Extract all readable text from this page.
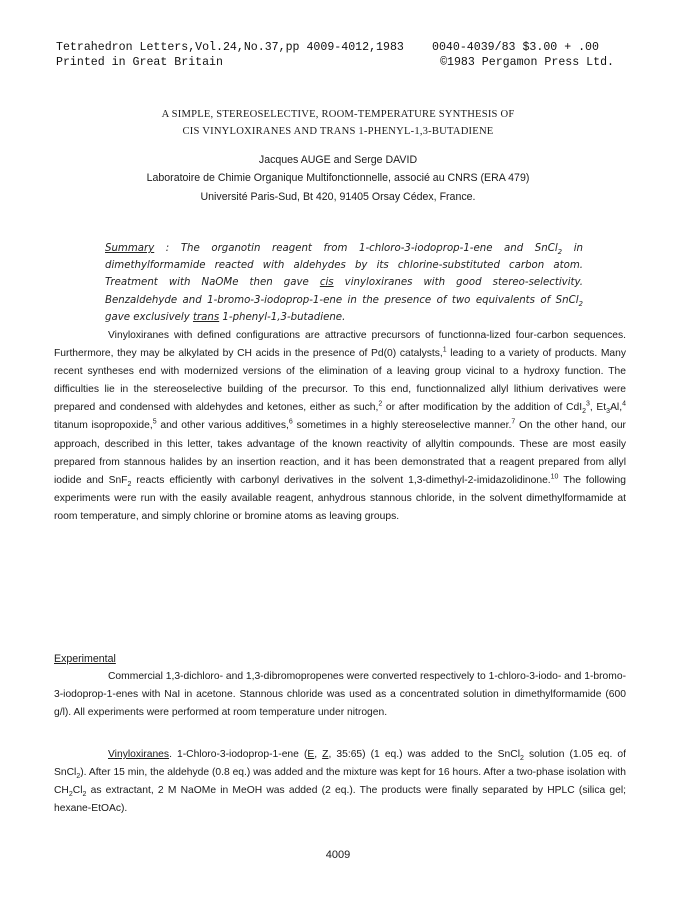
Tetrahedron Letters,Vol.24,No.37,pp 4009-4012,1983
Printed in Great Britain
0040-4039/83 $3.00 + .00
©1983 Pergamon Press Ltd.
A SIMPLE, STEREOSELECTIVE, ROOM-TEMPERATURE SYNTHESIS OF
CIS VINYLOXIRANES AND TRANS 1-PHENYL-1,3-BUTADIENE
Jacques AUGE and Serge DAVID
Laboratoire de Chimie Organique Multifonctionnelle, associé au CNRS (ERA 479)
Université Paris-Sud, Bt 420, 91405 Orsay Cédex, France.
Summary : The organotin reagent from 1-chloro-3-iodoprop-1-ene and SnCl$_2$ in dimethylformamide reacted with aldehydes by its chlorine-substituted carbon atom. Treatment with NaOMe then gave cis vinyloxiranes with good stereo-selectivity. Benzaldehyde and 1-bromo-3-iodoprop-1-ene in the presence of two equivalents of SnCl$_2$ gave exclusively trans 1-phenyl-1,3-butadiene.
Vinyloxiranes with defined configurations are attractive precursors of functionna-lized four-carbon sequences. Furthermore, they may be alkylated by CH acids in the presence of Pd(0) catalysts,$^1$ leading to a variety of products. Many recent syntheses end with modernized versions of the elimination of a leaving group vicinal to a hydroxy function. The difficulties lie in the stereoselective building of the precursor. To this end, functionnalized allyl lithium derivatives were prepared and condensed with aldehydes and ketones, either as such,$^2$ or after modification by the addition of CdI$_2^3$, $Et_3Al,^4$ titanum isopropoxide,$^5$ and other various additives,$^6$ sometimes in a highly stereoselective manner.$^7$ On the other hand, our approach, described in this letter, takes advantage of the known reactivity of allyltin compounds. These are most easily prepared from stannous halides by an insertion reaction, and it has been demonstrated that a reagent prepared from allyl iodide and SnF$_2$ reacts efficiently with carbonyl derivatives in the solvent 1,3-dimethyl-2-imidazolidinone.$^{10}$ The following experiments were run with the easily available reagent, anhydrous stannous chloride, in the solvent dimethylformamide at room temperature, and simply chlorine or bromine atoms as leaving groups.
Experimental
Commercial 1,3-dichloro- and 1,3-dibromopropenes were converted respectively to 1-chloro-3-iodo- and 1-bromo-3-iodoprop-1-enes with NaI in acetone. Stannous chloride was used as a concentrated solution in dimethylformamide (600 g/l). All experiments were performed at room temperature under nitrogen.
Vinyloxiranes. 1-Chloro-3-iodoprop-1-ene (E, Z, 35:65) (1 eq.) was added to the SnCl$_2$ solution (1.05 eq. of SnCl$_2$). After 15 min, the aldehyde (0.8 eq.) was added and the mixture was kept for 16 hours. After a two-phase isolation with $CH_2Cl_2$ as extractant, 2 M NaOMe in MeOH was added (2 eq.). The products were finally separated by HPLC (silica gel; hexane-EtOAc).
4009
